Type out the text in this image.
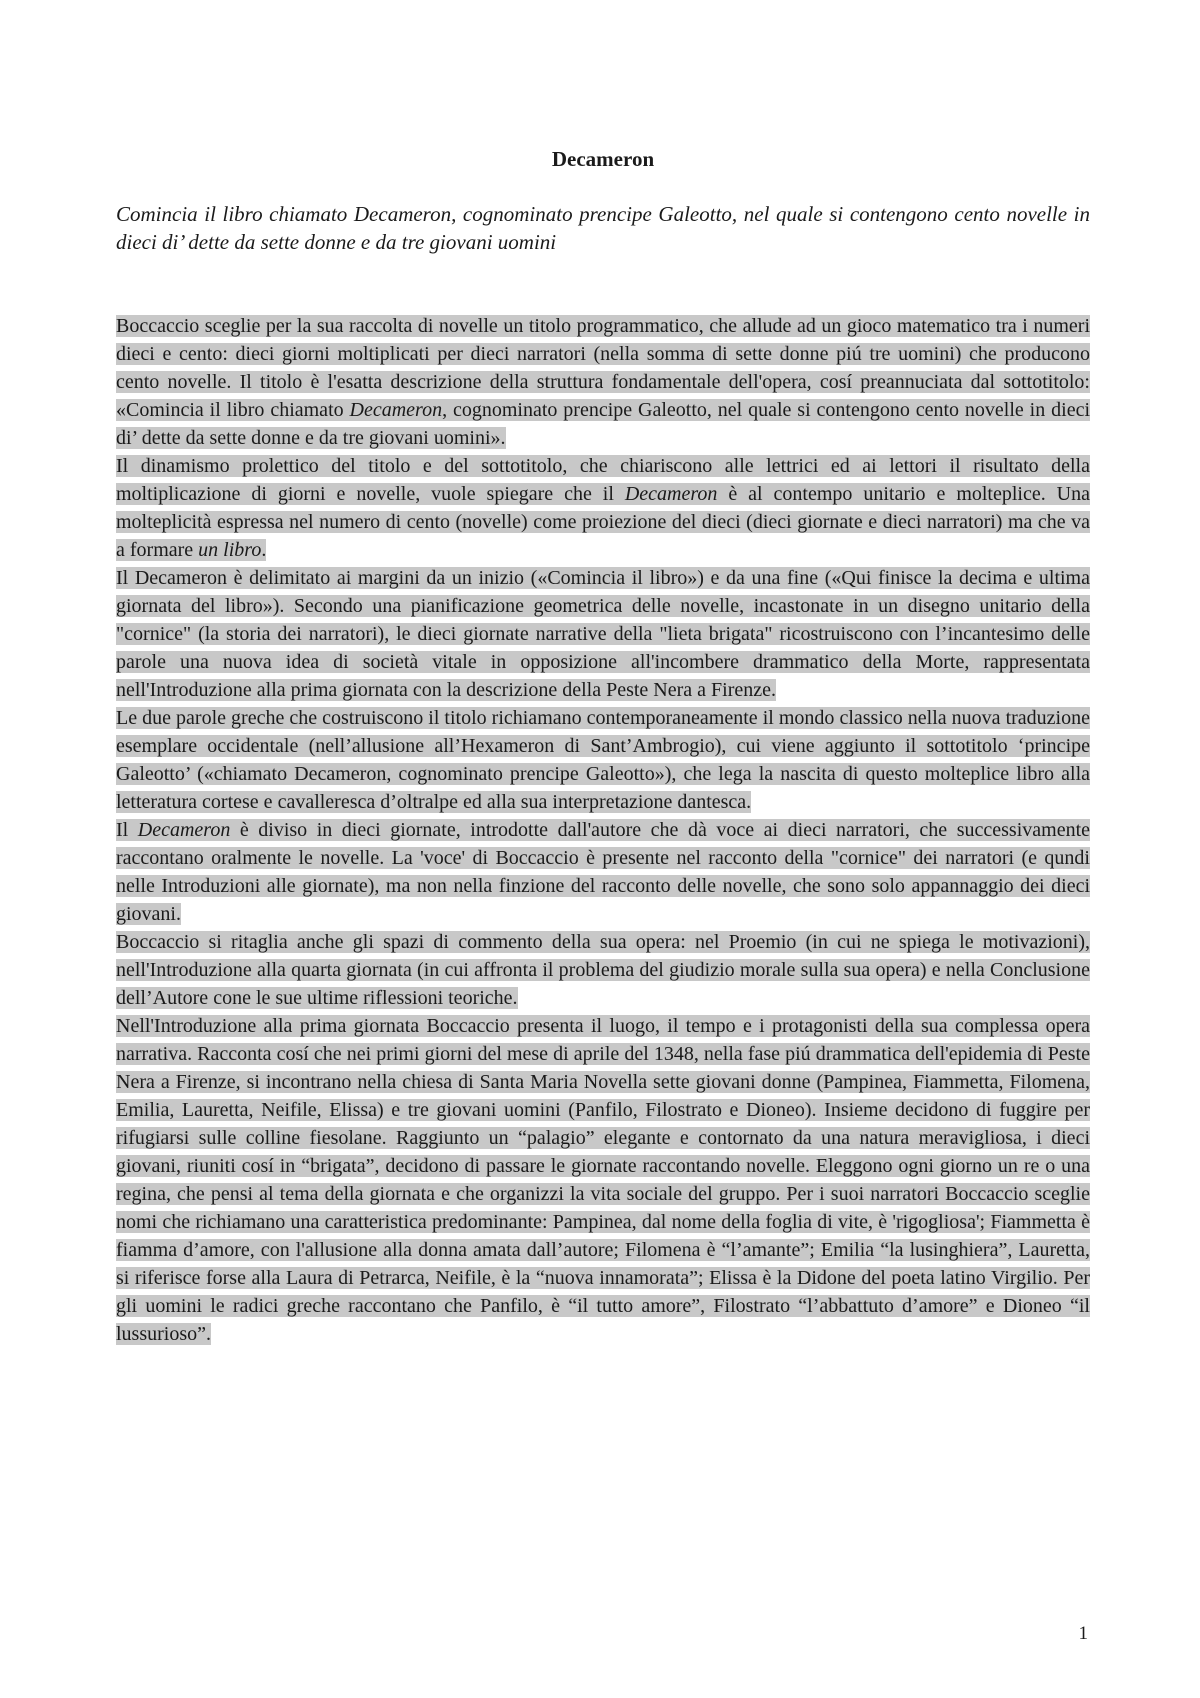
Decameron
Comincia il libro chiamato Decameron, cognominato prencipe Galeotto, nel quale si contengono cento novelle in dieci di’ dette da sette donne e da tre giovani uomini

Boccaccio sceglie per la sua raccolta di novelle un titolo programmatico, che allude ad un gioco matematico tra i numeri dieci e cento: dieci giorni moltiplicati per dieci narratori (nella somma di sette donne piú tre uomini) che producono cento novelle. Il titolo è l'esatta descrizione della struttura fondamentale dell'opera, cosí preannuciata dal sottotitolo: «Comincia il libro chiamato Decameron, cognominato prencipe Galeotto, nel quale si contengono cento novelle in dieci di’ dette da sette donne e da tre giovani uomini».

Il dinamismo prolettico del titolo e del sottotitolo, che chiariscono alle lettrici ed ai lettori il risultato della moltiplicazione di giorni e novelle, vuole spiegare che il Decameron è al contempo unitario e molteplice. Una molteplicità espressa nel numero di cento (novelle) come proiezione del dieci (dieci giornate e dieci narratori) ma che va a formare un libro.

Il Decameron è delimitato ai margini da un inizio («Comincia il libro») e da una fine («Qui finisce la decima e ultima giornata del libro»). Secondo una pianificazione geometrica delle novelle, incastonate in un disegno unitario della "cornice" (la storia dei narratori), le dieci giornate narrative della "lieta brigata" ricostruiscono con l’incantesimo delle parole una nuova idea di società vitale in opposizione all'incombere drammatico della Morte, rappresentata nell'Introduzione alla prima giornata con la descrizione della Peste Nera a Firenze.

Le due parole greche che costruiscono il titolo richiamano contemporaneamente il mondo classico nella nuova traduzione esemplare occidentale (nell’allusione all’Hexameron di Sant’Ambrogio), cui viene aggiunto il sottotitolo ‘principe Galeotto’ («chiamato Decameron, cognominato prencipe Galeotto»), che lega la nascita di questo molteplice libro alla letteratura cortese e cavalleresca d’oltralpe ed alla sua interpretazione dantesca.

Il Decameron è diviso in dieci giornate, introdotte dall'autore che dà voce ai dieci narratori, che successivamente raccontano oralmente le novelle. La 'voce' di Boccaccio è presente nel racconto della "cornice" dei narratori (e qundi nelle Introduzioni alle giornate), ma non nella finzione del racconto delle novelle, che sono solo appannaggio dei dieci giovani.

Boccaccio si ritaglia anche gli spazi di commento della sua opera: nel Proemio (in cui ne spiega le motivazioni), nell'Introduzione alla quarta giornata (in cui affronta il problema del giudizio morale sulla sua opera) e nella Conclusione dell’Autore cone le sue ultime riflessioni teoriche.

Nell'Introduzione alla prima giornata Boccaccio presenta il luogo, il tempo e i protagonisti della sua complessa opera narrativa. Racconta cosí che nei primi giorni del mese di aprile del 1348, nella fase piú drammatica dell'epidemia di Peste Nera a Firenze, si incontrano nella chiesa di Santa Maria Novella sette giovani donne (Pampinea, Fiammetta, Filomena, Emilia, Lauretta, Neifile, Elissa) e tre giovani uomini (Panfilo, Filostrato e Dioneo). Insieme decidono di fuggire per rifugiarsi sulle colline fiesolane. Raggiunto un “palagio” elegante e contornato da una natura meravigliosa, i dieci giovani, riuniti cosí in “brigata”, decidono di passare le giornate raccontando novelle. Eleggono ogni giorno un re o una regina, che pensi al tema della giornata e che organizzi la vita sociale del gruppo. Per i suoi narratori Boccaccio sceglie nomi che richiamano una caratteristica predominante: Pampinea, dal nome della foglia di vite, è 'rigogliosa'; Fiammetta è fiamma d’amore, con l'allusione alla donna amata dall’autore; Filomena è “l’amante”; Emilia “la lusinghiera”, Lauretta, si riferisce forse alla Laura di Petrarca, Neifile, è la “nuova innamorata”; Elissa è la Didone del poeta latino Virgilio. Per gli uomini le radici greche raccontano che Panfilo, è “il tutto amore”, Filostrato “l’abbattuto d’amore” e Dioneo “il lussurioso”.

1
